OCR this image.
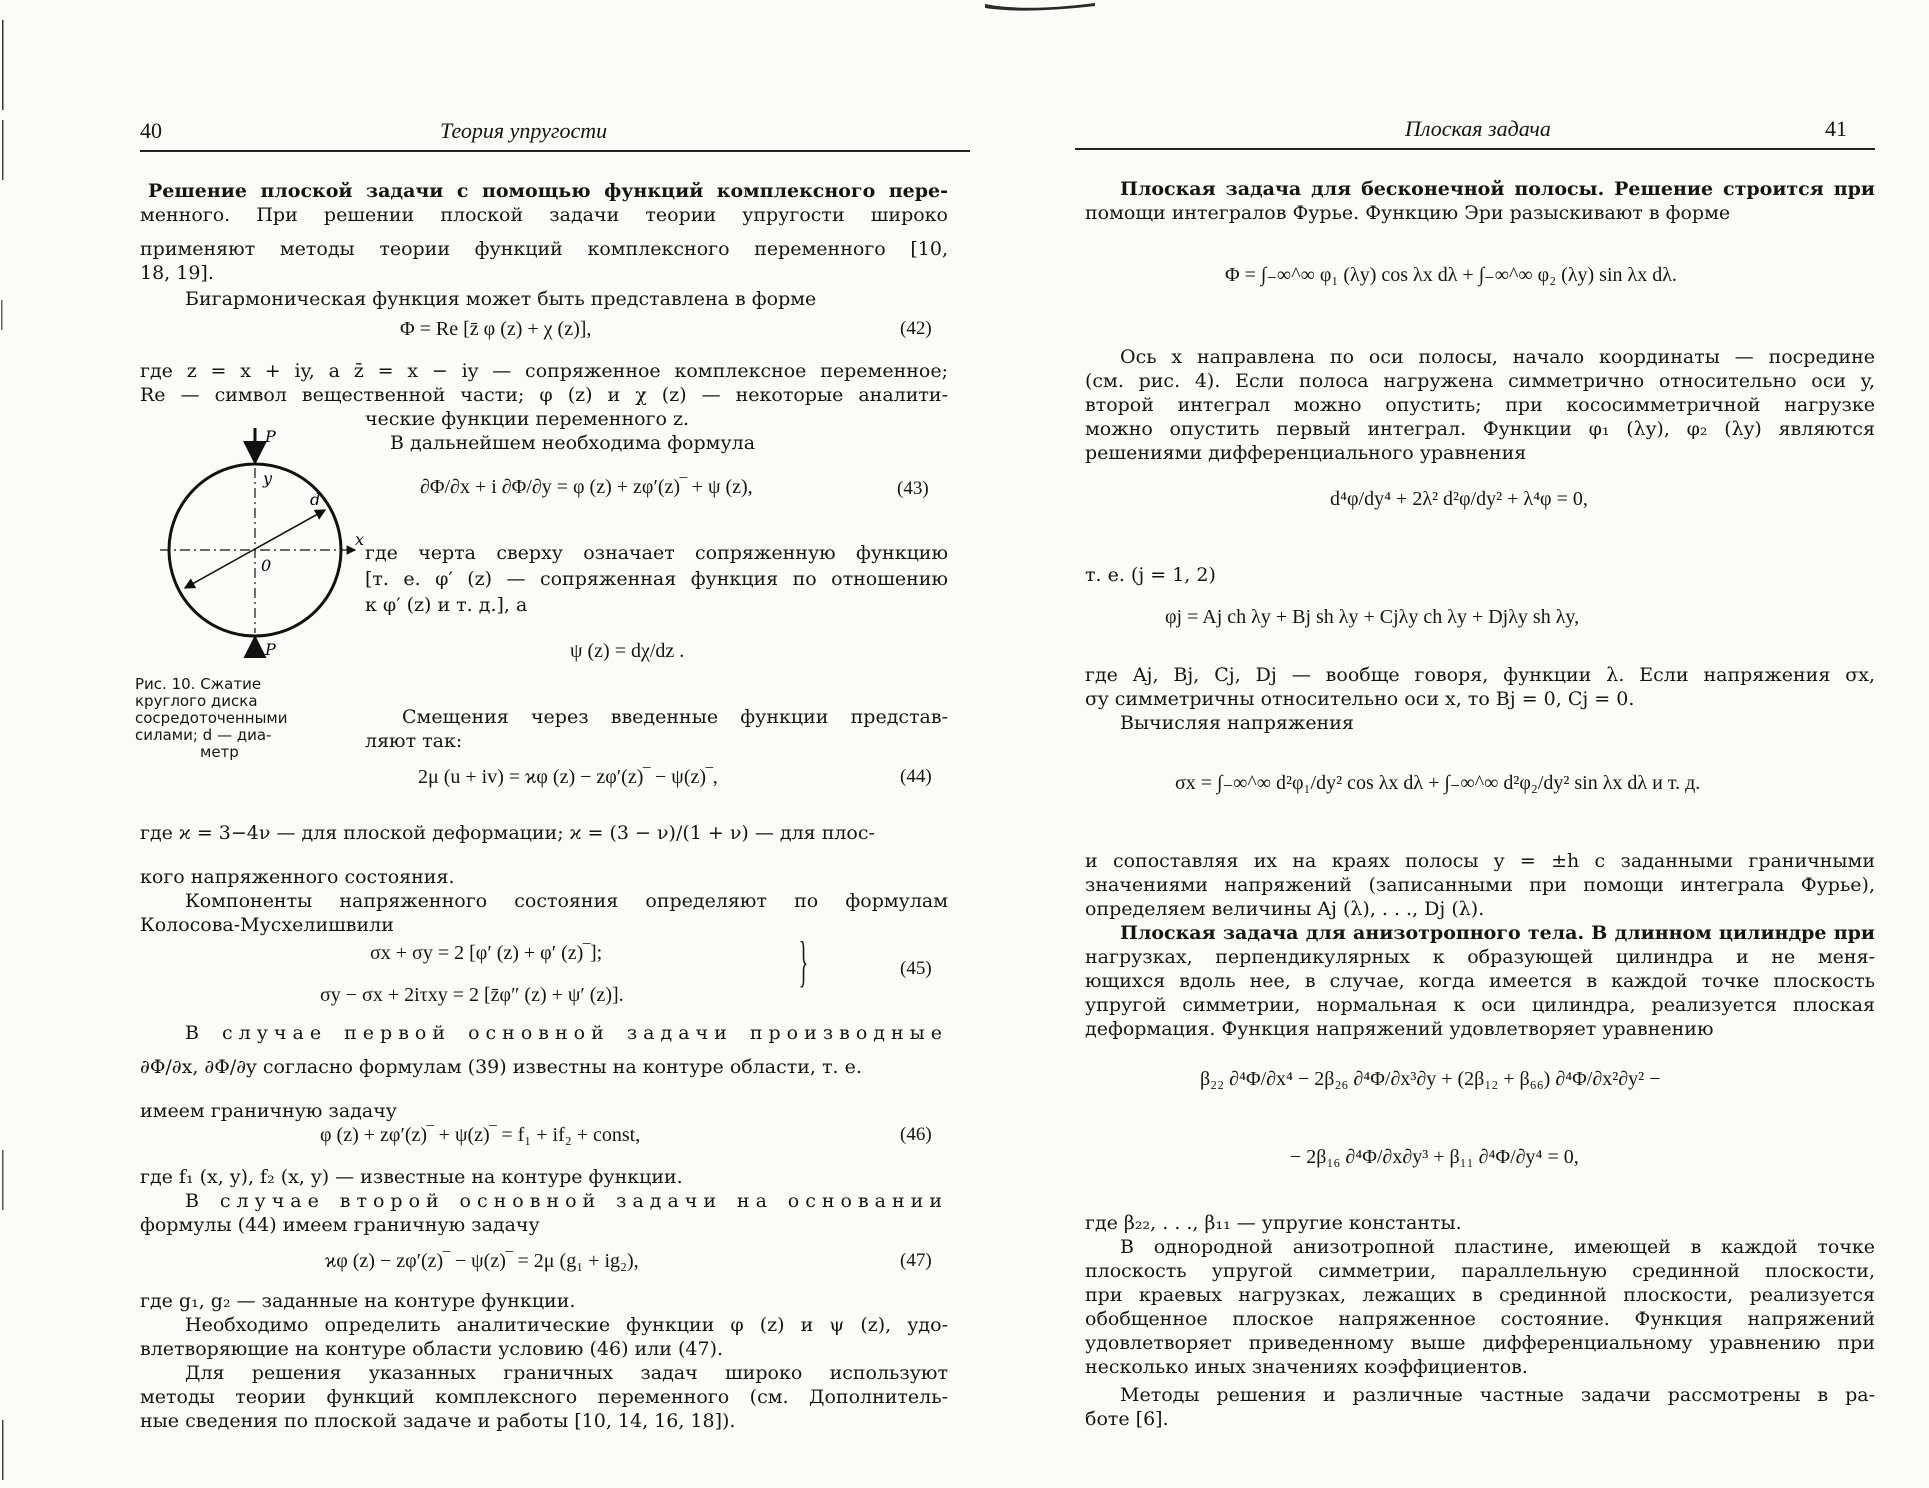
40	Теория упругости
Решение плоской задачи с помощью функций комплексного пере-
менного. При решении плоской задачи теории упругости широко
применяют методы теории функций комплексного переменного [10,
18, 19].
Бигармоническая функция может быть представлена в форме
Φ = Re [z̄ φ (z) + χ (z)],	(42)
где z = x + iy, а z̄ = x − iy — сопряженное комплексное переменное;
Re — символ вещественной части; φ (z) и χ (z) — некоторые аналити-
ческие функции переменного z.
В дальнейшем необходима формула
P
y
x
0
d
P
Рис. 10. Сжатие
круглого диска
сосредоточенными
силами; d — диа-
метр
∂Φ/∂x + i ∂Φ/∂y = φ (z) + zφ′(z)‾ + ψ (z),	(43)
где черта сверху означает сопряженную функцию
[т. е. φ′ (z) — сопряженная функция по отношению
к φ′ (z) и т. д.], а
ψ (z) = dχ/dz .
Смещения через введенные функции представ-
ляют так:
2μ (u + iv) = ϰφ (z) − zφ′(z)‾ − ψ(z)‾,	(44)
где ϰ = 3−4ν — для плоской деформации; ϰ = (3 − ν)/(1 + ν) — для плос-
кого напряженного состояния.
Компоненты напряженного состояния определяют по формулам
Колосова-Мусхелишвили
σx + σy = 2 [φ′ (z) + φ′ (z)‾];
σy − σx + 2iτxy = 2 [z̄φ″ (z) + ψ′ (z)].
}	(45)
В случае первой основной задачи производные
∂Φ/∂x, ∂Φ/∂y согласно формулам (39) известны на контуре области, т. е.
имеем граничную задачу
φ (z) + zφ′(z)‾ + ψ(z)‾ = f₁ + if₂ + const,	(46)
где f₁ (x, y), f₂ (x, y) — известные на контуре функции.
В случае второй основной задачи на основании
формулы (44) имеем граничную задачу
ϰφ (z) − zφ′(z)‾ − ψ(z)‾ = 2μ (g₁ + ig₂),	(47)
где g₁, g₂ — заданные на контуре функции.
Необходимо определить аналитические функции φ (z) и ψ (z), удо-
влетворяющие на контуре области условию (46) или (47).
Для решения указанных граничных задач широко используют
методы теории функций комплексного переменного (см. Дополнитель-
ные сведения по плоской задаче и работы [10, 14, 16, 18]).
Плоская задача	41
Плоская задача для бесконечной полосы. Решение строится при
помощи интегралов Фурье. Функцию Эри разыскивают в форме
Φ = ∫₋∞^∞ φ₁ (λy) cos λx dλ + ∫₋∞^∞ φ₂ (λy) sin λx dλ.
Ось x направлена по оси полосы, начало координаты — посредине
(см. рис. 4). Если полоса нагружена симметрично относительно оси y,
второй интеграл можно опустить; при кососимметричной нагрузке
можно опустить первый интеграл. Функции φ₁ (λy), φ₂ (λy) являются
решениями дифференциального уравнения
d⁴φ/dy⁴ + 2λ² d²φ/dy² + λ⁴φ = 0,
т. е. (j = 1, 2)
φj = Aj ch λy + Bj sh λy + Cjλy ch λy + Djλy sh λy,
где Aj, Bj, Cj, Dj — вообще говоря, функции λ. Если напряжения σx,
σy симметричны относительно оси x, то Bj = 0, Cj = 0.
Вычисляя напряжения
σx = ∫₋∞^∞ d²φ₁/dy² cos λx dλ + ∫₋∞^∞ d²φ₂/dy² sin λx dλ и т. д.
и сопоставляя их на краях полосы y = ±h с заданными граничными
значениями напряжений (записанными при помощи интеграла Фурье),
определяем величины Aj (λ), . . ., Dj (λ).
Плоская задача для анизотропного тела. В длинном цилиндре при
нагрузках, перпендикулярных к образующей цилиндра и не меня-
ющихся вдоль нее, в случае, когда имеется в каждой точке плоскость
упругой симметрии, нормальная к оси цилиндра, реализуется плоская
деформация. Функция напряжений удовлетворяет уравнению
β₂₂ ∂⁴Φ/∂x⁴ − 2β₂₆ ∂⁴Φ/∂x³∂y + (2β₁₂ + β₆₆) ∂⁴Φ/∂x²∂y² −
− 2β₁₆ ∂⁴Φ/∂x∂y³ + β₁₁ ∂⁴Φ/∂y⁴ = 0,
где β₂₂, . . ., β₁₁ — упругие константы.
В однородной анизотропной пластине, имеющей в каждой точке
плоскость упругой симметрии, параллельную срединной плоскости,
при краевых нагрузках, лежащих в срединной плоскости, реализуется
обобщенное плоское напряженное состояние. Функция напряжений
удовлетворяет приведенному выше дифференциальному уравнению при
несколько иных значениях коэффициентов.
Методы решения и различные частные задачи рассмотрены в ра-
боте [6].
